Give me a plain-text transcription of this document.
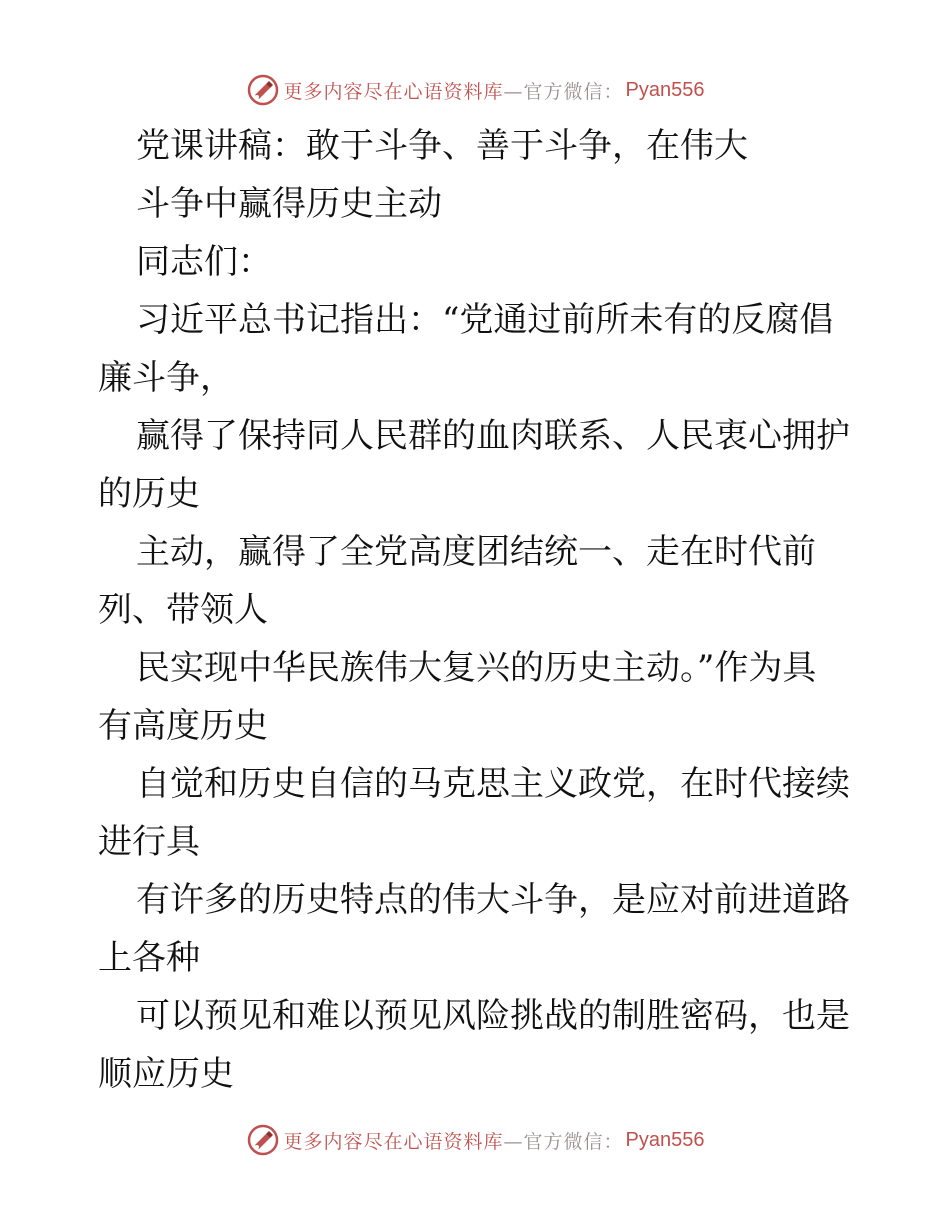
更多内容尽在心语资料库 —官方微信： Pyan556
党课讲稿：敢于斗争、善于斗争，在伟大
斗争中赢得历史主动
同志们：
习近平总书记指出：“党通过前所未有的反腐倡
廉斗争，
赢得了保持同人民群的血肉联系、人民衷心拥护
的历史
主动，赢得了全党高度团结统一、走在时代前
列、带领人
民实现中华民族伟大复兴的历史主动。”作为具
有高度历史
自觉和历史自信的马克思主义政党，在时代接续
进行具
有许多的历史特点的伟大斗争，是应对前进道路
上各种
可以预见和难以预见风险挑战的制胜密码，也是
顺应历史
更多内容尽在心语资料库 —官方微信： Pyan556
